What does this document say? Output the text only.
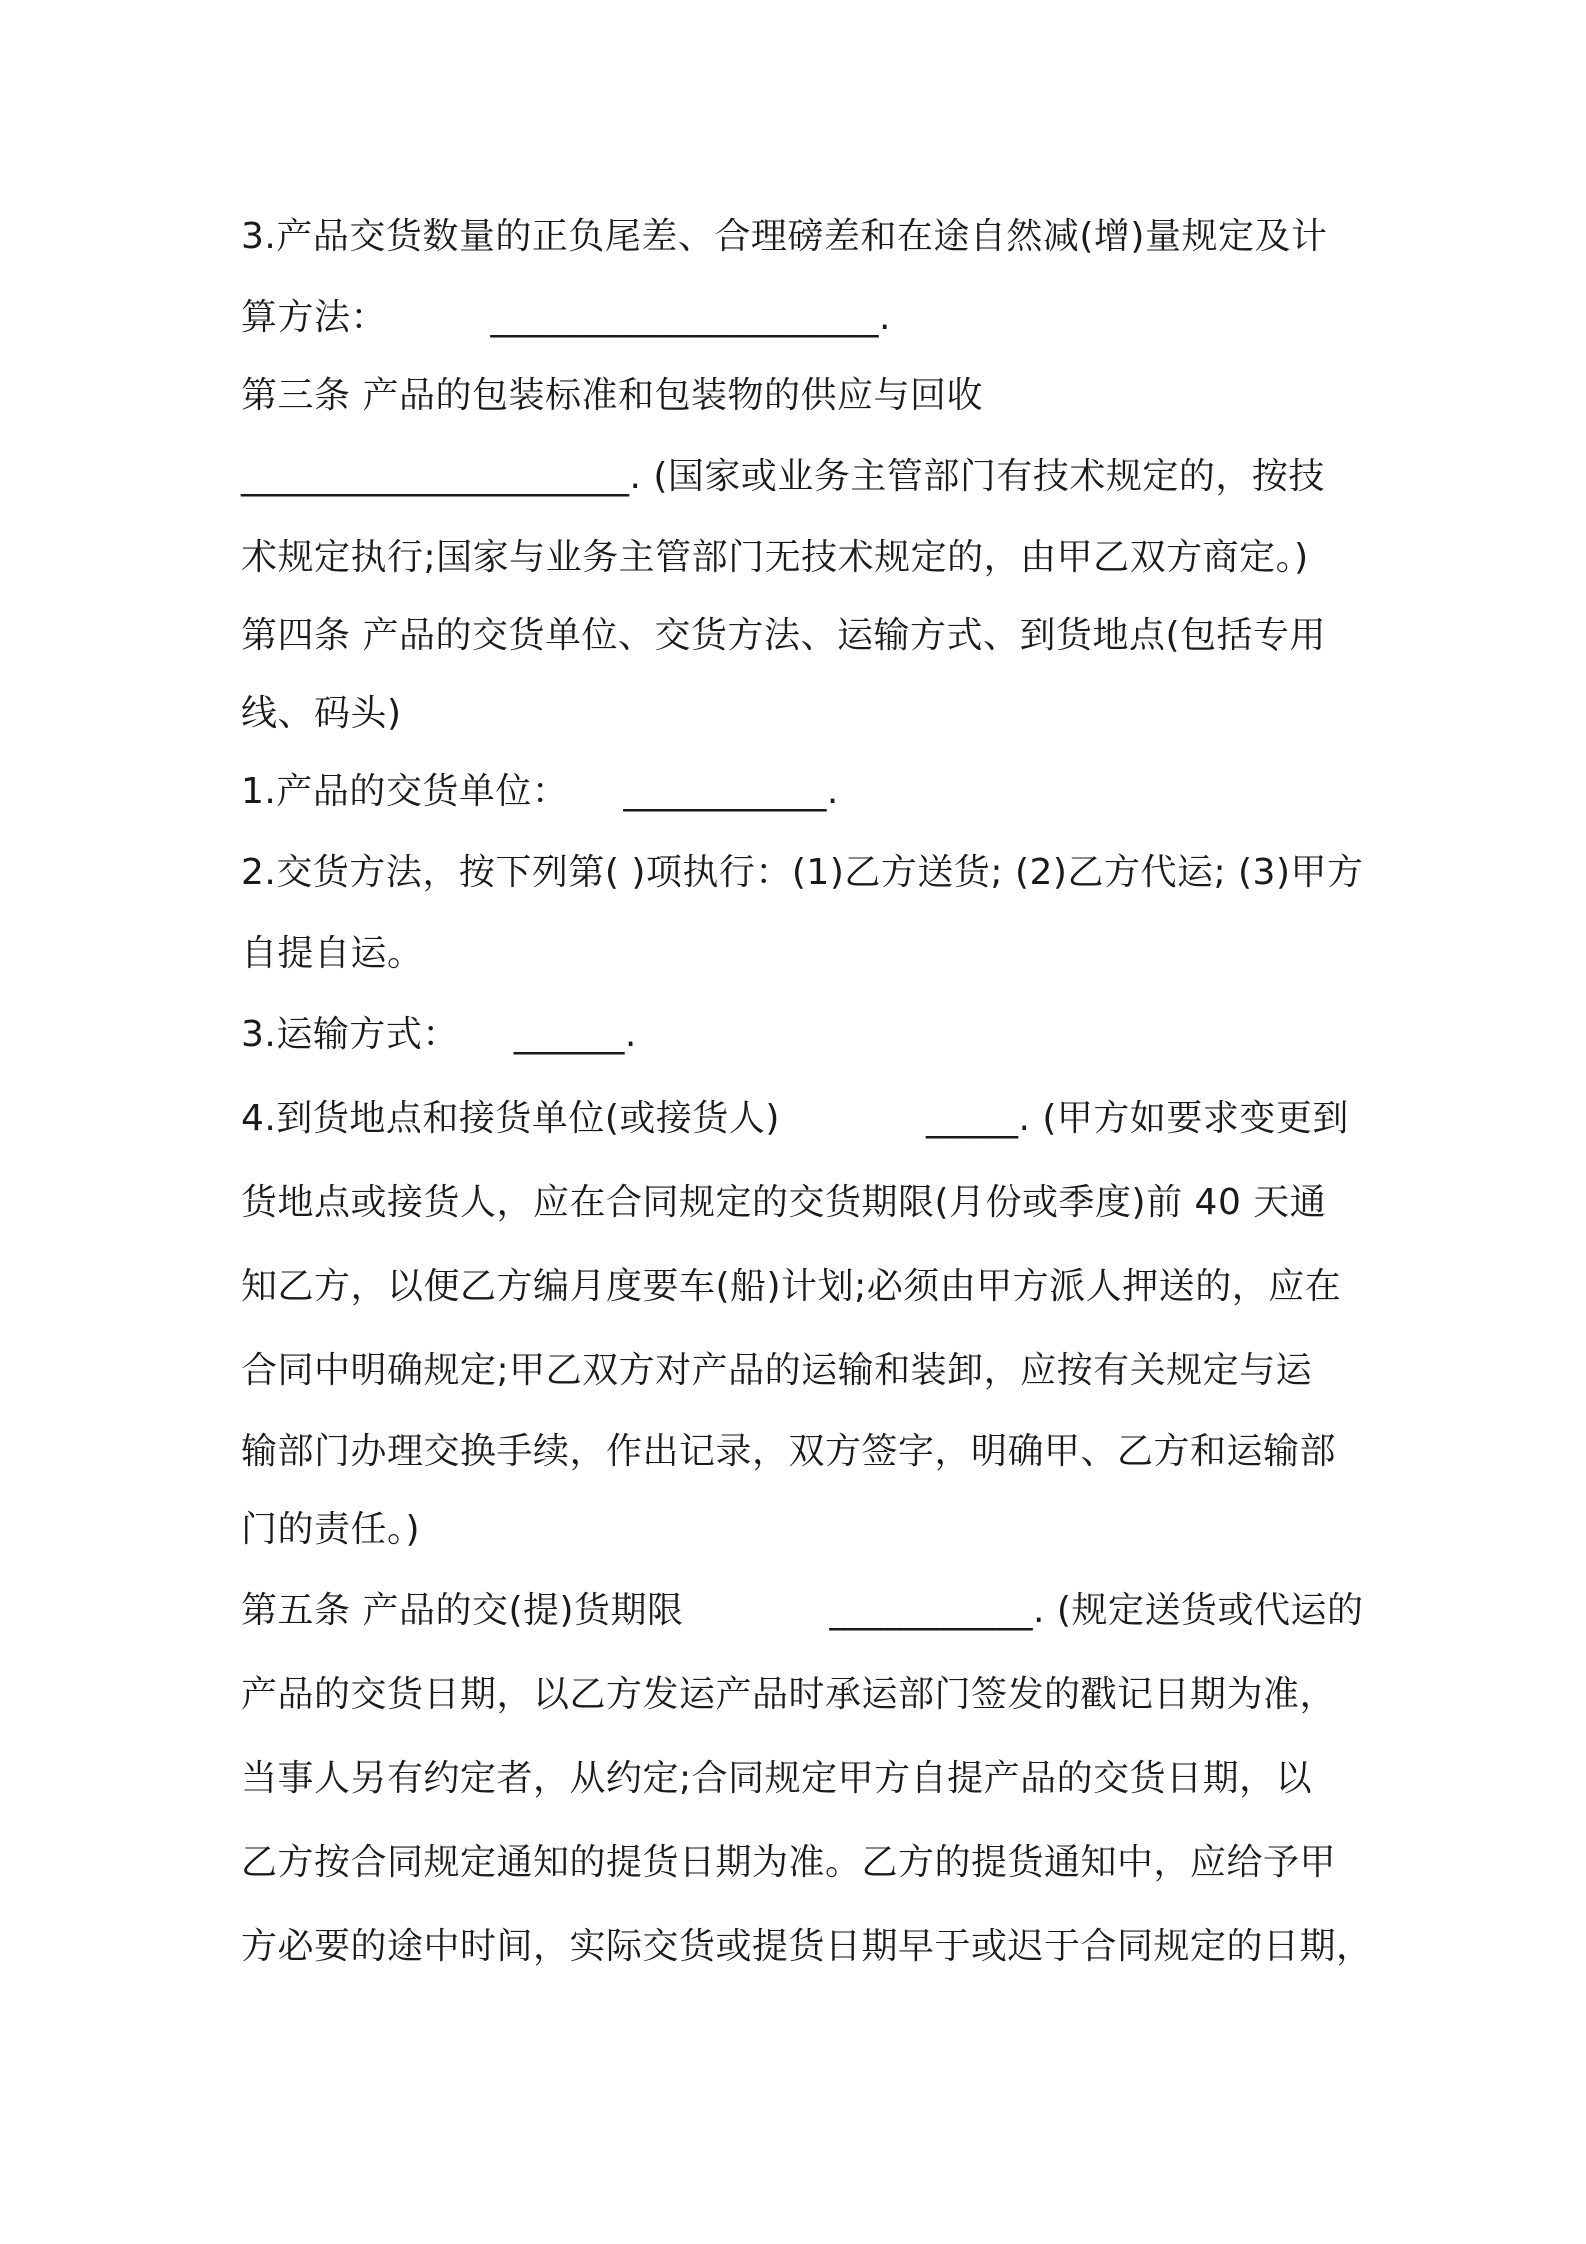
3.产品交货数量的正负尾差、合理磅差和在途自然减(增)量规定及计
算方法：　　　 _____________________.
第三条 产品的包装标准和包装物的供应与回收
_____________________. (国家或业务主管部门有技术规定的，按技
术规定执行;国家与业务主管部门无技术规定的，由甲乙双方商定。)
第四条 产品的交货单位、交货方法、运输方式、到货地点(包括专用
线、码头)
1.产品的交货单位：　　___________.
2.交货方法，按下列第( )项执行：(1)乙方送货; (2)乙方代运; (3)甲方
自提自运。
3.运输方式：　　______.
4.到货地点和接货单位(或接货人)　　　　_____. (甲方如要求变更到
货地点或接货人，应在合同规定的交货期限(月份或季度)前 40 天通
知乙方，以便乙方编月度要车(船)计划;必须由甲方派人押送的，应在
合同中明确规定;甲乙双方对产品的运输和装卸，应按有关规定与运
输部门办理交换手续，作出记录，双方签字，明确甲、乙方和运输部
门的责任。)
第五条 产品的交(提)货期限　　　　___________. (规定送货或代运的
产品的交货日期，以乙方发运产品时承运部门签发的戳记日期为准，
当事人另有约定者，从约定;合同规定甲方自提产品的交货日期，以
乙方按合同规定通知的提货日期为准。乙方的提货通知中，应给予甲
方必要的途中时间，实际交货或提货日期早于或迟于合同规定的日期，
